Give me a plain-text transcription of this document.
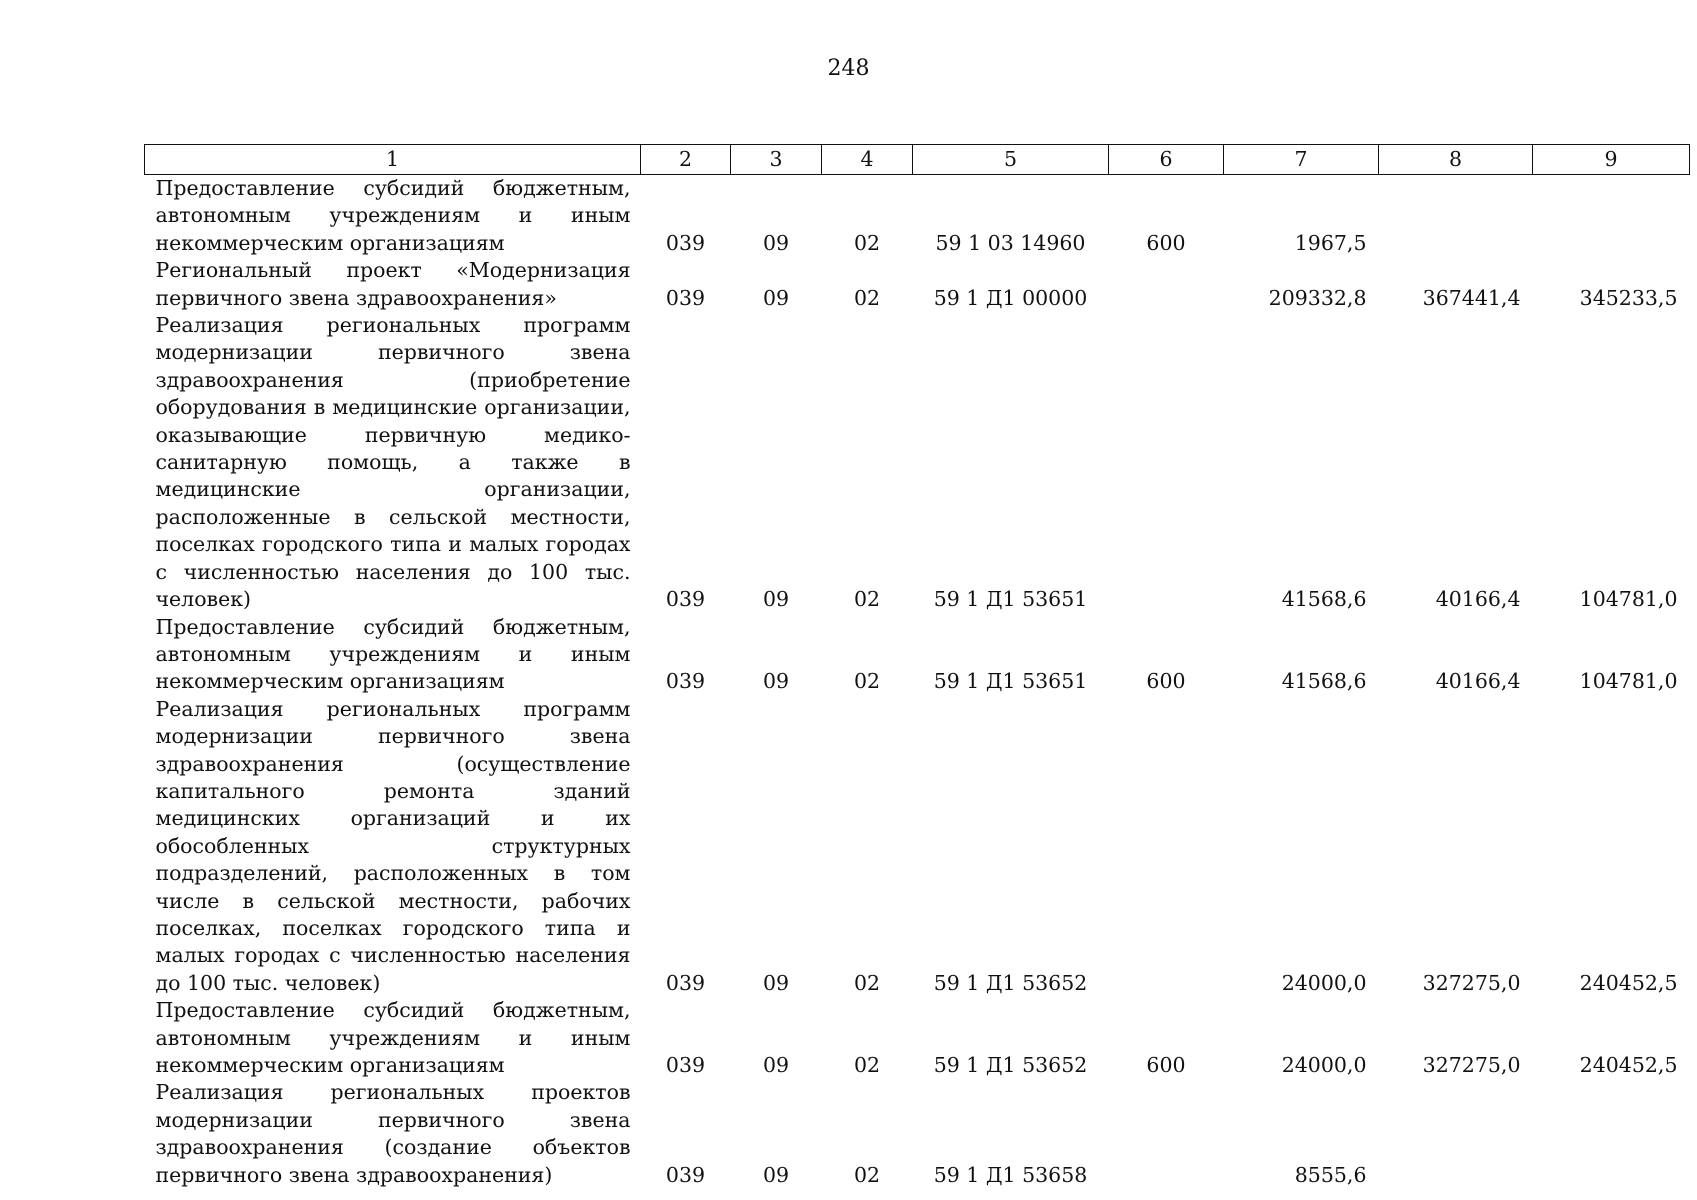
248
1	2	3	4	5	6	7	8	9
Предоставление субсидий бюджетным, автономным учреждениям и иным некоммерческим организациям	039	09	02	59 1 03 14960	600	1967,5		
Региональный проект «Модернизация первичного звена здравоохранения»	039	09	02	59 1 Д1 00000		209332,8	367441,4	345233,5
Реализация региональных программ модернизации первичного звена здравоохранения (приобретение оборудования в медицинские организации, оказывающие первичную медико-санитарную помощь, а также в медицинские организации, расположенные в сельской местности, поселках городского типа и малых городах с численностью населения до 100 тыс. человек)	039	09	02	59 1 Д1 53651		41568,6	40166,4	104781,0
Предоставление субсидий бюджетным, автономным учреждениям и иным некоммерческим организациям	039	09	02	59 1 Д1 53651	600	41568,6	40166,4	104781,0
Реализация региональных программ модернизации первичного звена здравоохранения (осуществление капитального ремонта зданий медицинских организаций и их обособленных структурных подразделений, расположенных в том числе в сельской местности, рабочих поселках, поселках городского типа и малых городах с численностью населения до 100 тыс. человек)	039	09	02	59 1 Д1 53652		24000,0	327275,0	240452,5
Предоставление субсидий бюджетным, автономным учреждениям и иным некоммерческим организациям	039	09	02	59 1 Д1 53652	600	24000,0	327275,0	240452,5
Реализация региональных проектов модернизации первичного звена здравоохранения (создание объектов первичного звена здравоохранения)	039	09	02	59 1 Д1 53658		8555,6		
